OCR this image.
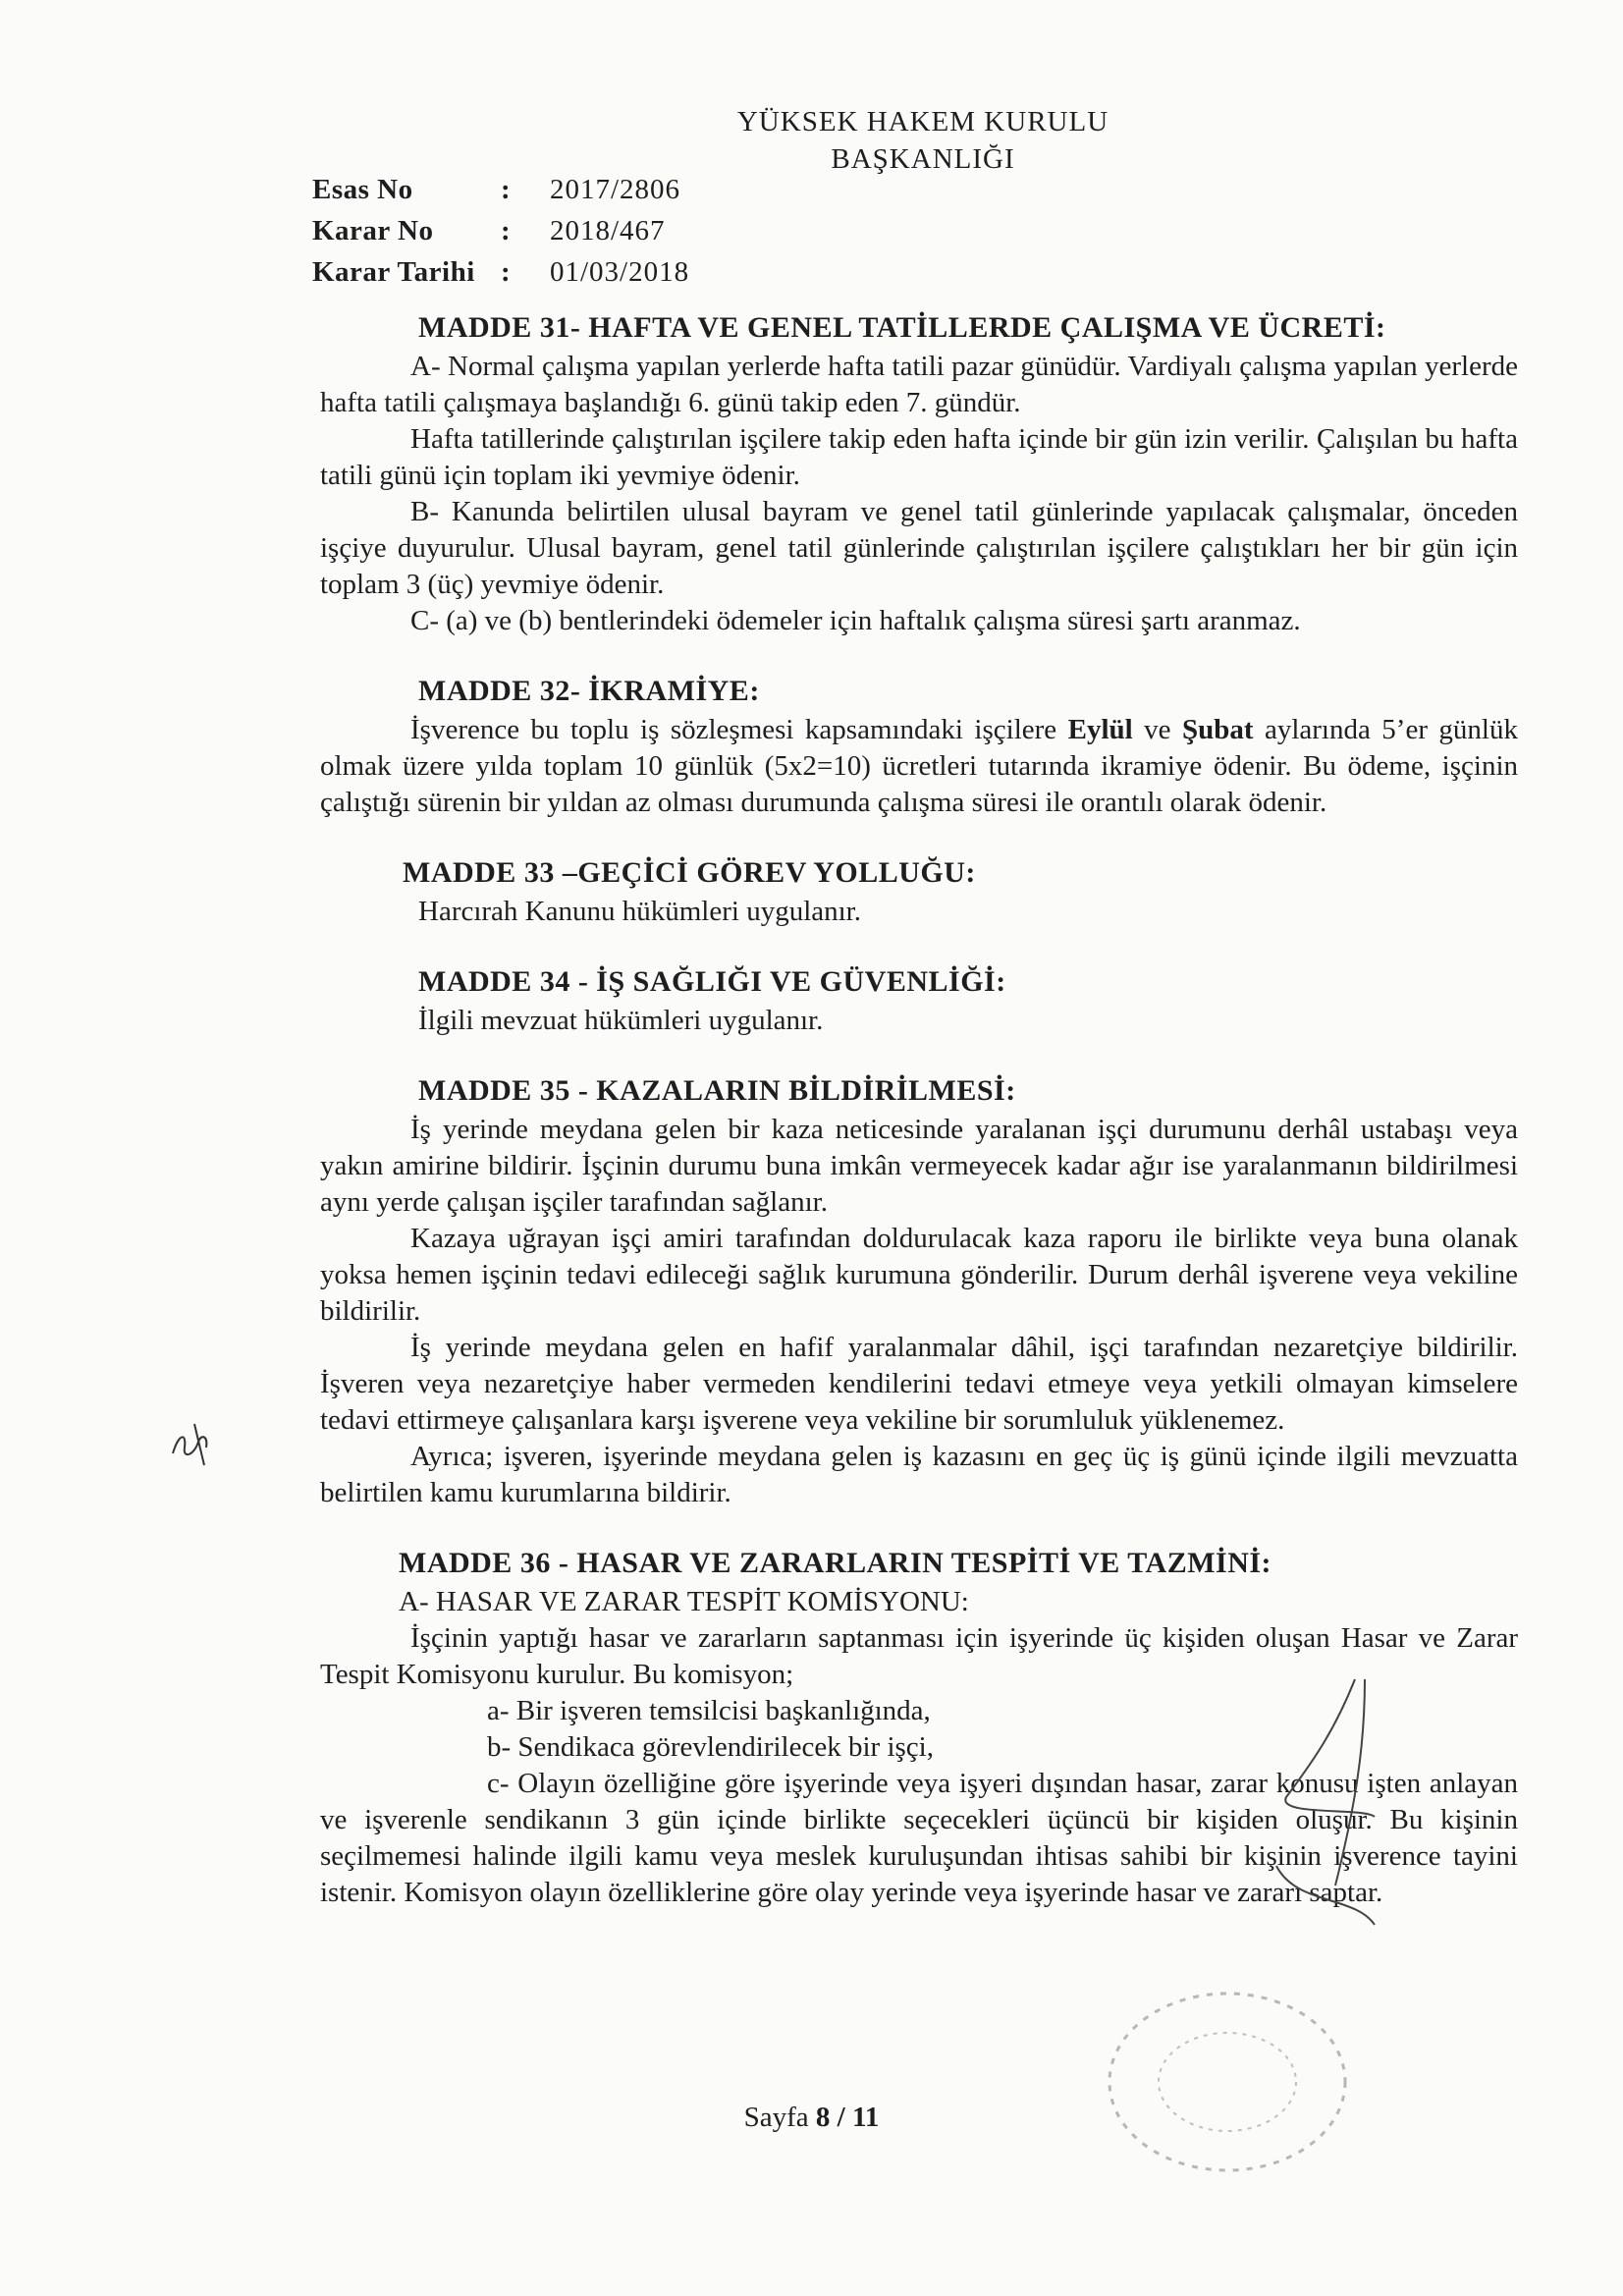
YÜKSEK HAKEM KURULU
BAŞKANLIĞI
Esas No	:	2017/2806
Karar No	:	2018/467
Karar Tarihi :	01/03/2018
MADDE 31- HAFTA VE GENEL TATİLLERDE ÇALIŞMA VE ÜCRETİ:

A- Normal çalışma yapılan yerlerde hafta tatili pazar günüdür. Vardiyalı çalışma yapılan yerlerde hafta tatili çalışmaya başlandığı 6. günü takip eden 7. gündür.

Hafta tatillerinde çalıştırılan işçilere takip eden hafta içinde bir gün izin verilir. Çalışılan bu hafta tatili günü için toplam iki yevmiye ödenir.

B- Kanunda belirtilen ulusal bayram ve genel tatil günlerinde yapılacak çalışmalar, önceden işçiye duyurulur. Ulusal bayram, genel tatil günlerinde çalıştırılan işçilere çalıştıkları her bir gün için toplam 3 (üç) yevmiye ödenir.

C- (a) ve (b) bentlerindeki ödemeler için haftalık çalışma süresi şartı aranmaz.

MADDE 32- İKRAMİYE:

İşverence bu toplu iş sözleşmesi kapsamındaki işçilere Eylül ve Şubat aylarında 5’er günlük olmak üzere yılda toplam 10 günlük (5x2=10) ücretleri tutarında ikramiye ödenir. Bu ödeme, işçinin çalıştığı sürenin bir yıldan az olması durumunda çalışma süresi ile orantılı olarak ödenir.

MADDE 33 –GEÇİCİ GÖREV YOLLUĞU:

Harcırah Kanunu hükümleri uygulanır.

MADDE 34 - İŞ SAĞLIĞI VE GÜVENLİĞİ:

İlgili mevzuat hükümleri uygulanır.

MADDE 35 - KAZALARIN BİLDİRİLMESİ:

İş yerinde meydana gelen bir kaza neticesinde yaralanan işçi durumunu derhâl ustabaşı veya yakın amirine bildirir. İşçinin durumu buna imkân vermeyecek kadar ağır ise yaralanmanın bildirilmesi aynı yerde çalışan işçiler tarafından sağlanır.

Kazaya uğrayan işçi amiri tarafından doldurulacak kaza raporu ile birlikte veya buna olanak yoksa hemen işçinin tedavi edileceği sağlık kurumuna gönderilir. Durum derhâl işverene veya vekiline bildirilir.

İş yerinde meydana gelen en hafif yaralanmalar dâhil, işçi tarafından nezaretçiye bildirilir. İşveren veya nezaretçiye haber vermeden kendilerini tedavi etmeye veya yetkili olmayan kimselere tedavi ettirmeye çalışanlara karşı işverene veya vekiline bir sorumluluk yüklenemez.

Ayrıca; işveren, işyerinde meydana gelen iş kazasını en geç üç iş günü içinde ilgili mevzuatta belirtilen kamu kurumlarına bildirir.

MADDE 36 - HASAR VE ZARARLARIN TESPİTİ VE TAZMİNİ:

A- HASAR VE ZARAR TESPİT KOMİSYONU:

İşçinin yaptığı hasar ve zararların saptanması için işyerinde üç kişiden oluşan Hasar ve Zarar Tespit Komisyonu kurulur. Bu komisyon;

a- Bir işveren temsilcisi başkanlığında,

b- Sendikaca görevlendirilecek bir işçi,

c- Olayın özelliğine göre işyerinde veya işyeri dışından hasar, zarar konusu işten anlayan ve işverenle sendikanın 3 gün içinde birlikte seçecekleri üçüncü bir kişiden oluşur. Bu kişinin seçilmemesi halinde ilgili kamu veya meslek kuruluşundan ihtisas sahibi bir kişinin işverence tayini istenir. Komisyon olayın özelliklerine göre olay yerinde veya işyerinde hasar ve zararı saptar.

Sayfa 8 / 11
